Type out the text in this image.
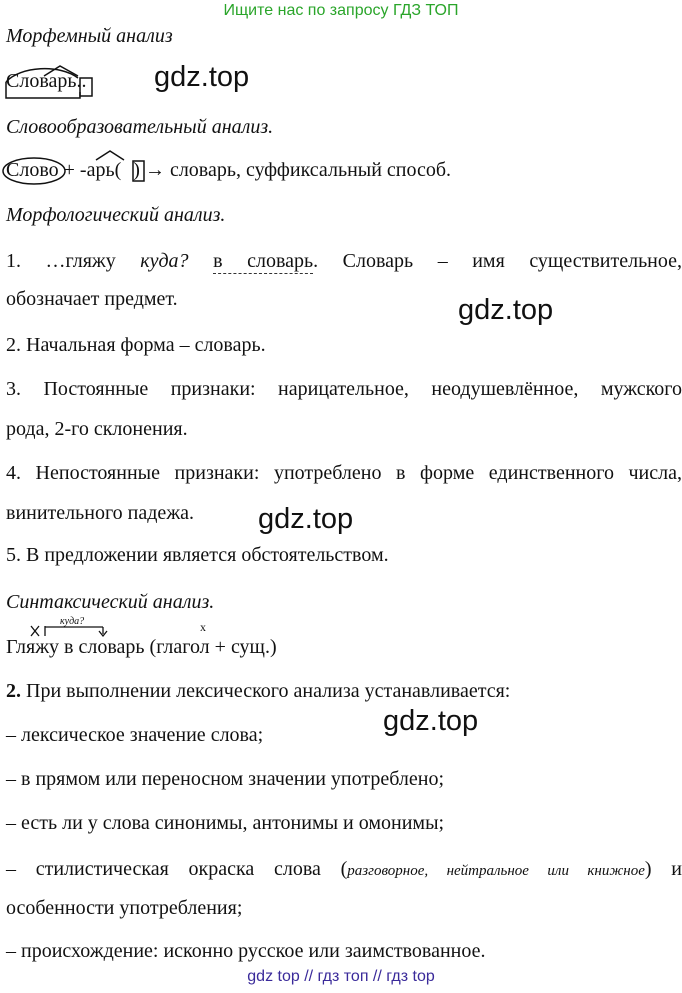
Ищите нас по запросу ГДЗ ТОП
Морфемный анализ
Словарь.. gdz.top
Словообразовательный анализ.
Слово + -арь( ) → словарь, суффиксальный способ.
Морфологический анализ.
1. …гляжу куда? в словарь. Словарь – имя существительное,
обозначает предмет.	gdz.top
2. Начальная форма – словарь.
3. Постоянные признаки: нарицательное, неодушевлённое, мужского
рода, 2-го склонения.
4. Непостоянные признаки: употреблено в форме единственного числа,
винительного падежа. gdz.top
5. В предложении является обстоятельством.
Синтаксический анализ.
куда?	x
Гляжу в словарь (глагол + сущ.)
2. При выполнении лексического анализа устанавливается:
gdz.top
– лексическое значение слова;
– в прямом или переносном значении употреблено;
– есть ли у слова синонимы, антонимы и омонимы;
– стилистическая окраска слова (разговорное, нейтральное или книжное) и
особенности употребления;
– происхождение: исконно русское или заимствованное.
gdz top // гдз топ // гдз top
